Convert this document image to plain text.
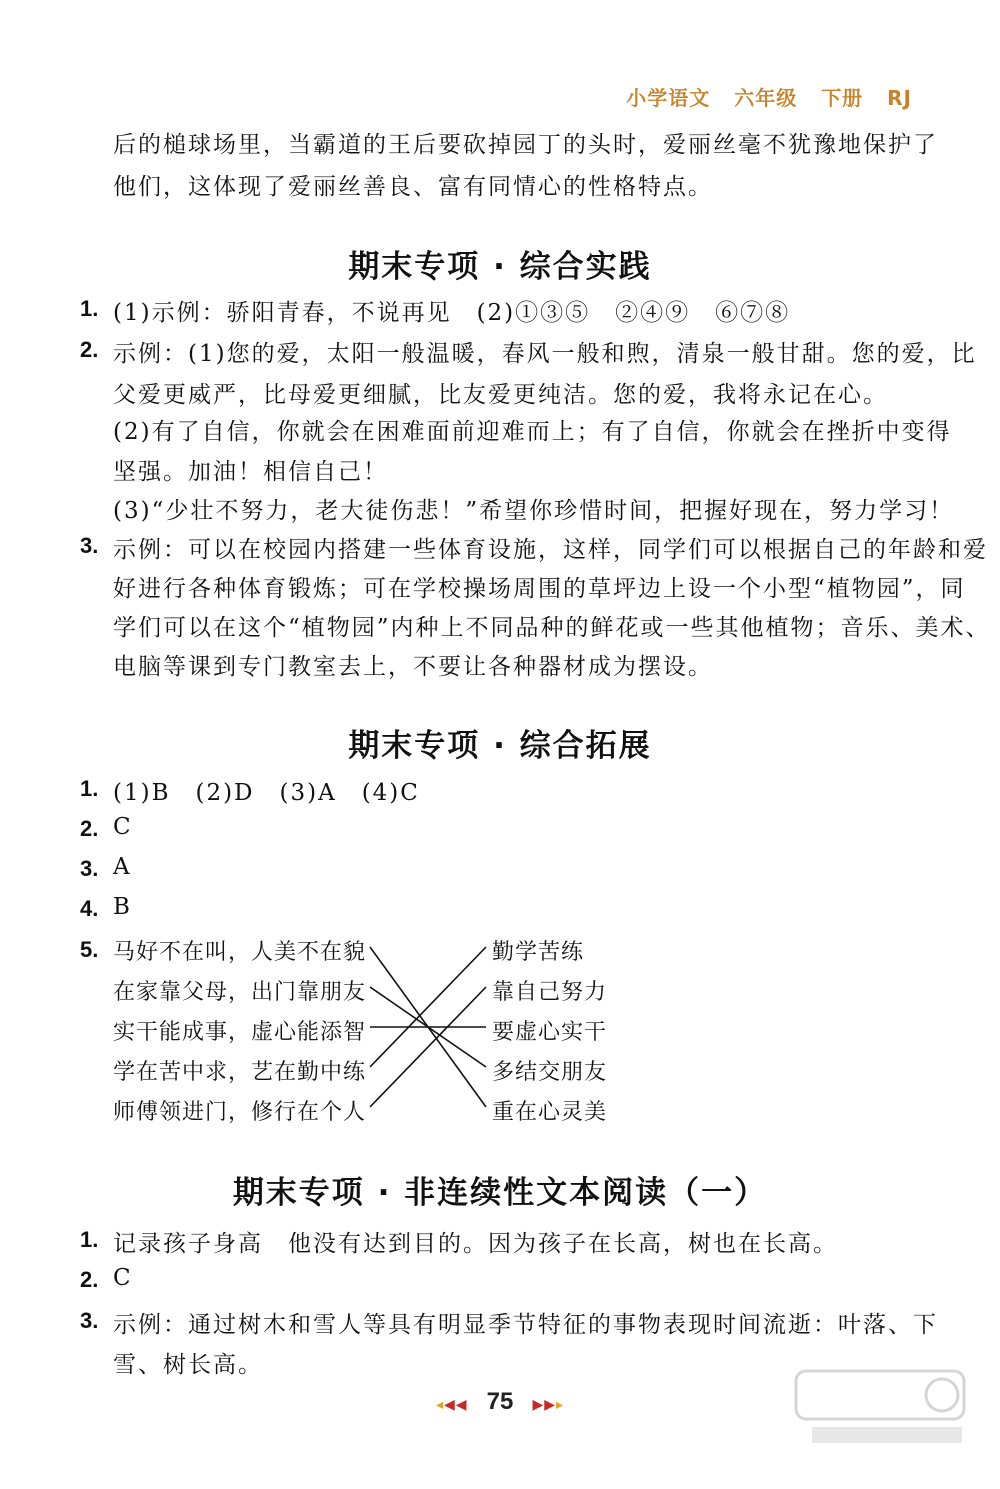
小学语文 六年级 下册 RJ
后的槌球场里，当霸道的王后要砍掉园丁的头时，爱丽丝毫不犹豫地保护了
他们，这体现了爱丽丝善良、富有同情心的性格特点。
期末专项 · 综合实践
1. (1)示例：骄阳青春，不说再见　(2)①③⑤　②④⑨　⑥⑦⑧
2. 示例：(1)您的爱，太阳一般温暖，春风一般和煦，清泉一般甘甜。您的爱，比
父爱更威严，比母爱更细腻，比友爱更纯洁。您的爱，我将永记在心。
(2)有了自信，你就会在困难面前迎难而上；有了自信，你就会在挫折中变得
坚强。加油！相信自己！
(3)“少壮不努力，老大徒伤悲！”希望你珍惜时间，把握好现在，努力学习！
3. 示例：可以在校园内搭建一些体育设施，这样，同学们可以根据自己的年龄和爱
好进行各种体育锻炼；可在学校操场周围的草坪边上设一个小型“植物园”，同
学们可以在这个“植物园”内种上不同品种的鲜花或一些其他植物；音乐、美术、
电脑等课到专门教室去上，不要让各种器材成为摆设。
期末专项 · 综合拓展
1. (1)B　(2)D　(3)A　(4)C
2. C
3. A
4. B
5. 马好不在叫，人美不在貌
在家靠父母，出门靠朋友
实干能成事，虚心能添智
学在苦中求，艺在勤中练
师傅领进门，修行在个人
勤学苦练
靠自己努力
要虚心实干
多结交朋友
重在心灵美
期末专项 · 非连续性文本阅读（一）
1. 记录孩子身高　他没有达到目的。因为孩子在长高，树也在长高。
2. C
3. 示例：通过树木和雪人等具有明显季节特征的事物表现时间流逝：叶落、下
雪、树长高。
◂◀◀ 75 ▶▶▸
